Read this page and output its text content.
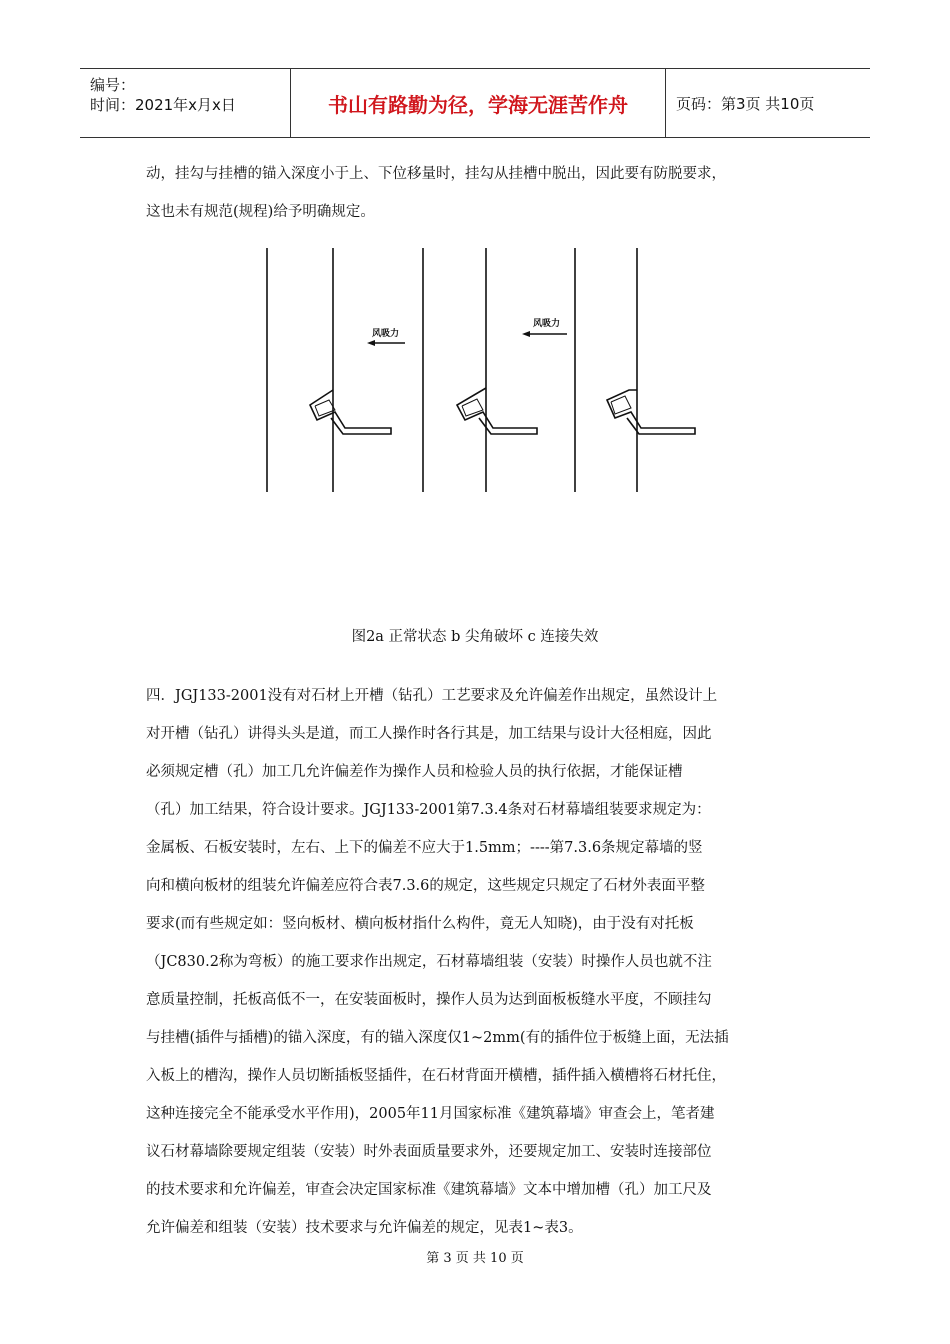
编号：
时间：2021年x月x日	书山有路勤为径，学海无涯苦作舟	页码：第3页 共10页
动，挂勾与挂槽的锚入深度小于上、下位移量时，挂勾从挂槽中脱出，因此要有防脱要求，
这也未有规范(规程)给予明确规定。
风吸力
风吸力
图2a 正常状态 b 尖角破坏 c 连接失效
四．JGJ133-2001没有对石材上开槽（钻孔）工艺要求及允许偏差作出规定，虽然设计上
对开槽（钻孔）讲得头头是道，而工人操作时各行其是，加工结果与设计大径相庭，因此
必须规定槽（孔）加工几允许偏差作为操作人员和检验人员的执行依据，才能保证槽
（孔）加工结果，符合设计要求。JGJ133-2001第7.3.4条对石材幕墙组装要求规定为：
金属板、石板安装时，左右、上下的偏差不应大于1.5mm；----第7.3.6条规定幕墙的竖
向和横向板材的组装允许偏差应符合表7.3.6的规定，这些规定只规定了石材外表面平整
要求(而有些规定如：竖向板材、横向板材指什么构件，竟无人知晓)，由于没有对托板
（JC830.2称为弯板）的施工要求作出规定，石材幕墙组装（安装）时操作人员也就不注
意质量控制，托板高低不一，在安装面板时，操作人员为达到面板板缝水平度，不顾挂勾
与挂槽(插件与插槽)的锚入深度，有的锚入深度仅1~2mm(有的插件位于板缝上面，无法插
入板上的槽沟，操作人员切断插板竖插件，在石材背面开横槽，插件插入横槽将石材托住，
这种连接完全不能承受水平作用)，2005年11月国家标准《建筑幕墙》审查会上，笔者建
议石材幕墙除要规定组装（安装）时外表面质量要求外，还要规定加工、安装时连接部位
的技术要求和允许偏差，审查会决定国家标准《建筑幕墙》文本中增加槽（孔）加工尺及
允许偏差和组装（安装）技术要求与允许偏差的规定，见表1~表3。
第 3 页 共 10 页
